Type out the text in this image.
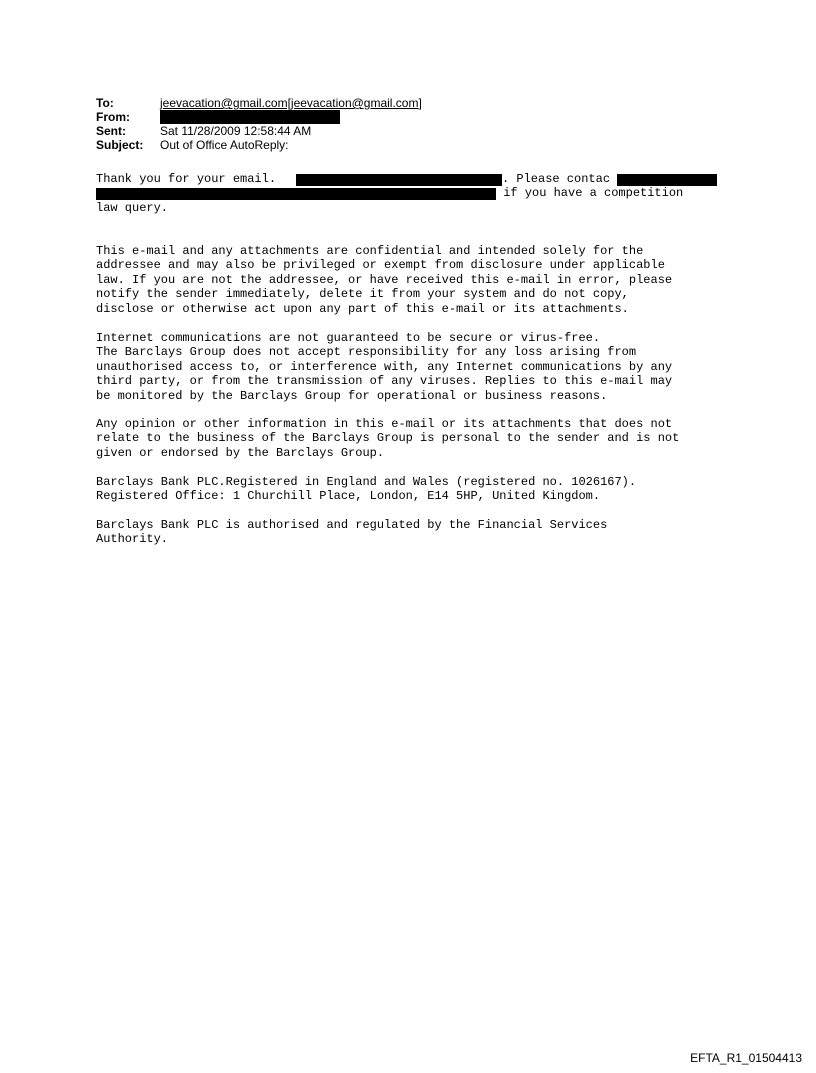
To:	jeevacation@gmail.com[jeevacation@gmail.com]
From:
Sent:	Sat 11/28/2009 12:58:44 AM
Subject: Out of Office AutoReply:
Thank you for your email.	. Please contac
if you have a competition
law query.
This e-mail and any attachments are confidential and intended solely for the
addressee and may also be privileged or exempt from disclosure under applicable
law. If you are not the addressee, or have received this e-mail in error, please
notify the sender immediately, delete it from your system and do not copy,
disclose or otherwise act upon any part of this e-mail or its attachments.
Internet communications are not guaranteed to be secure or virus-free.
The Barclays Group does not accept responsibility for any loss arising from
unauthorised access to, or interference with, any Internet communications by any
third party, or from the transmission of any viruses. Replies to this e-mail may
be monitored by the Barclays Group for operational or business reasons.
Any opinion or other information in this e-mail or its attachments that does not
relate to the business of the Barclays Group is personal to the sender and is not
given or endorsed by the Barclays Group.
Barclays Bank PLC.Registered in England and Wales (registered no. 1026167).
Registered Office: 1 Churchill Place, London, E14 5HP, United Kingdom.
Barclays Bank PLC is authorised and regulated by the Financial Services
Authority.
EFTA_R1_01504413
